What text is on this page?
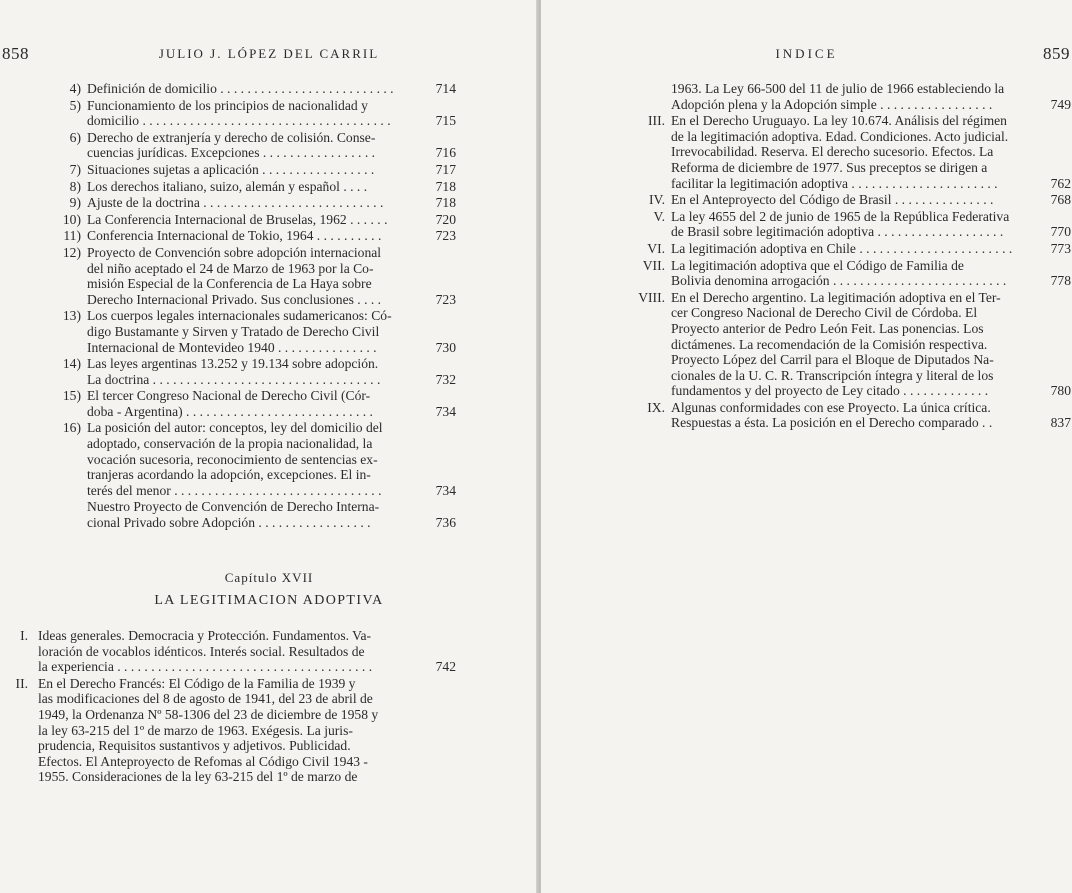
858	JULIO J. LÓPEZ DEL CARRIL
4) Definición de domicilio . . . . . . . . . . . . . . . . . . . . . . . . . .	714
5) Funcionamiento de los principios de nacionalidad y
domicilio . . . . . . . . . . . . . . . . . . . . . . . . . . . . . . . . . . . . .	715
6) Derecho de extranjería y derecho de colisión. Conse-
cuencias jurídicas. Excepciones . . . . . . . . . . . . . . . . .	716
7) Situaciones sujetas a aplicación . . . . . . . . . . . . . . . . .	717
8) Los derechos italiano, suizo, alemán y español . . . .	718
9) Ajuste de la doctrina . . . . . . . . . . . . . . . . . . . . . . . . . . .	718
10) La Conferencia Internacional de Bruselas, 1962 . . . . . .	720
11) Conferencia Internacional de Tokio, 1964 . . . . . . . . . .	723
12) Proyecto de Convención sobre adopción internacional
del niño aceptado el 24 de Marzo de 1963 por la Co-
misión Especial de la Conferencia de La Haya sobre
Derecho Internacional Privado. Sus conclusiones . . . .	723
13) Los cuerpos legales internacionales sudamericanos: Có-
digo Bustamante y Sirven y Tratado de Derecho Civil
Internacional de Montevideo 1940 . . . . . . . . . . . . . . .	730
14) Las leyes argentinas 13.252 y 19.134 sobre adopción.
La doctrina . . . . . . . . . . . . . . . . . . . . . . . . . . . . . . . . . .	732
15) El tercer Congreso Nacional de Derecho Civil (Cór-
doba - Argentina) . . . . . . . . . . . . . . . . . . . . . . . . . . . .	734
16) La posición del autor: conceptos, ley del domicilio del
adoptado, conservación de la propia nacionalidad, la
vocación sucesoria, reconocimiento de sentencias ex-
tranjeras acordando la adopción, excepciones. El in-
terés del menor . . . . . . . . . . . . . . . . . . . . . . . . . . . . . . .	734
Nuestro Proyecto de Convención de Derecho Interna-
cional Privado sobre Adopción . . . . . . . . . . . . . . . . .	736
Capítulo XVII
LA LEGITIMACION ADOPTIVA
I. Ideas generales. Democracia y Protección. Fundamentos. Va-
loración de vocablos idénticos. Interés social. Resultados de
la experiencia . . . . . . . . . . . . . . . . . . . . . . . . . . . . . . . . . . . . . .	742
II. En el Derecho Francés: El Código de la Familia de 1939 y
las modificaciones del 8 de agosto de 1941, del 23 de abril de
1949, la Ordenanza Nº 58-1306 del 23 de diciembre de 1958 y
la ley 63-215 del 1º de marzo de 1963. Exégesis. La juris-
prudencia, Requisitos sustantivos y adjetivos. Publicidad.
Efectos. El Anteproyecto de Refomas al Código Civil 1943 -
1955. Consideraciones de la ley 63-215 del 1º de marzo de
859
INDICE
1963. La Ley 66-500 del 11 de julio de 1966 estableciendo la
Adopción plena y la Adopción simple . . . . . . . . . . . . . . . . .	749
III. En el Derecho Uruguayo. La ley 10.674. Análisis del régimen
de la legitimación adoptiva. Edad. Condiciones. Acto judicial.
Irrevocabilidad. Reserva. El derecho sucesorio. Efectos. La
Reforma de diciembre de 1977. Sus preceptos se dirigen a
facilitar la legitimación adoptiva . . . . . . . . . . . . . . . . . . . . . .	762
IV. En el Anteproyecto del Código de Brasil . . . . . . . . . . . . . . .	768
V. La ley 4655 del 2 de junio de 1965 de la República Federativa
de Brasil sobre legitimación adoptiva . . . . . . . . . . . . . . . . . . .	770
VI. La legitimación adoptiva en Chile . . . . . . . . . . . . . . . . . . . . . . .	773
VII. La legitimación adoptiva que el Código de Familia de
Bolivia denomina arrogación . . . . . . . . . . . . . . . . . . . . . . . . . .	778
VIII. En el Derecho argentino. La legitimación adoptiva en el Ter-
cer Congreso Nacional de Derecho Civil de Córdoba. El
Proyecto anterior de Pedro León Feit. Las ponencias. Los
dictámenes. La recomendación de la Comisión respectiva.
Proyecto López del Carril para el Bloque de Diputados Na-
cionales de la U. C. R. Transcripción íntegra y literal de los
fundamentos y del proyecto de Ley citado . . . . . . . . . . . . .	780
IX. Algunas conformidades con ese Proyecto. La única crítica.
Respuestas a ésta. La posición en el Derecho comparado . .	837
